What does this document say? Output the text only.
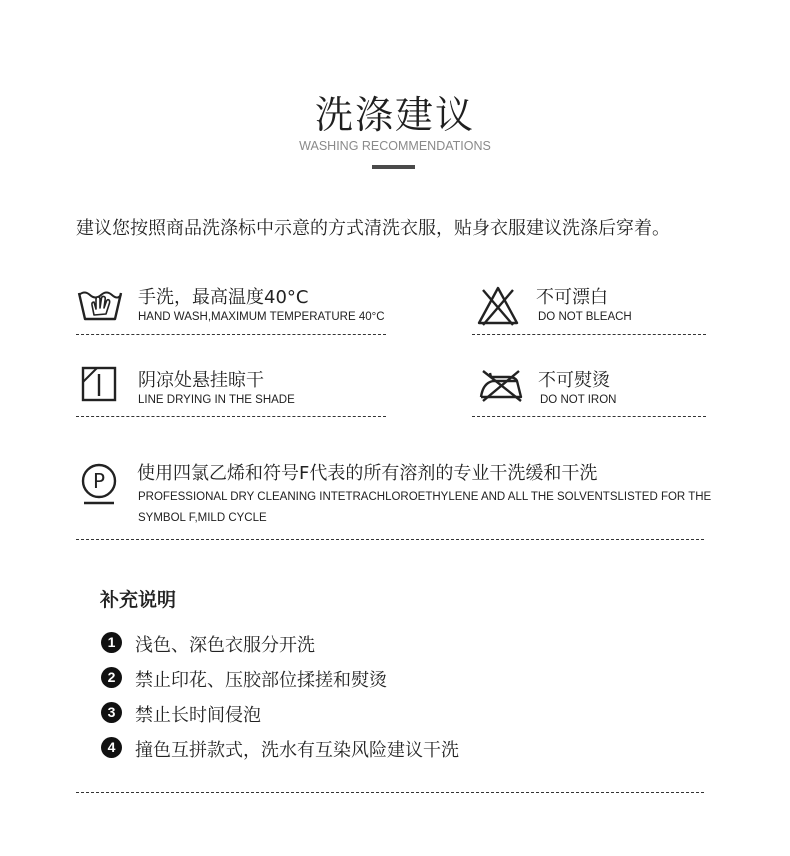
洗涤建议
WASHING RECOMMENDATIONS
建议您按照商品洗涤标中示意的方式清洗衣服，贴身衣服建议洗涤后穿着。
手洗，最高温度40°C
HAND WASH,MAXIMUM TEMPERATURE 40°C
不可漂白
DO NOT BLEACH
阴凉处悬挂晾干
LINE DRYING IN THE SHADE
不可熨烫
DO NOT IRON
P 使用四氯乙烯和符号F代表的所有溶剂的专业干洗缓和干洗
PROFESSIONAL DRY CLEANING INTETRACHLOROETHYLENE AND ALL THE SOLVENTSLISTED FOR THE
SYMBOL F,MILD CYCLE
补充说明
1	浅色、深色衣服分开洗
2	禁止印花、压胶部位揉搓和熨烫
3	禁止长时间侵泡
4	撞色互拼款式，洗水有互染风险建议干洗
